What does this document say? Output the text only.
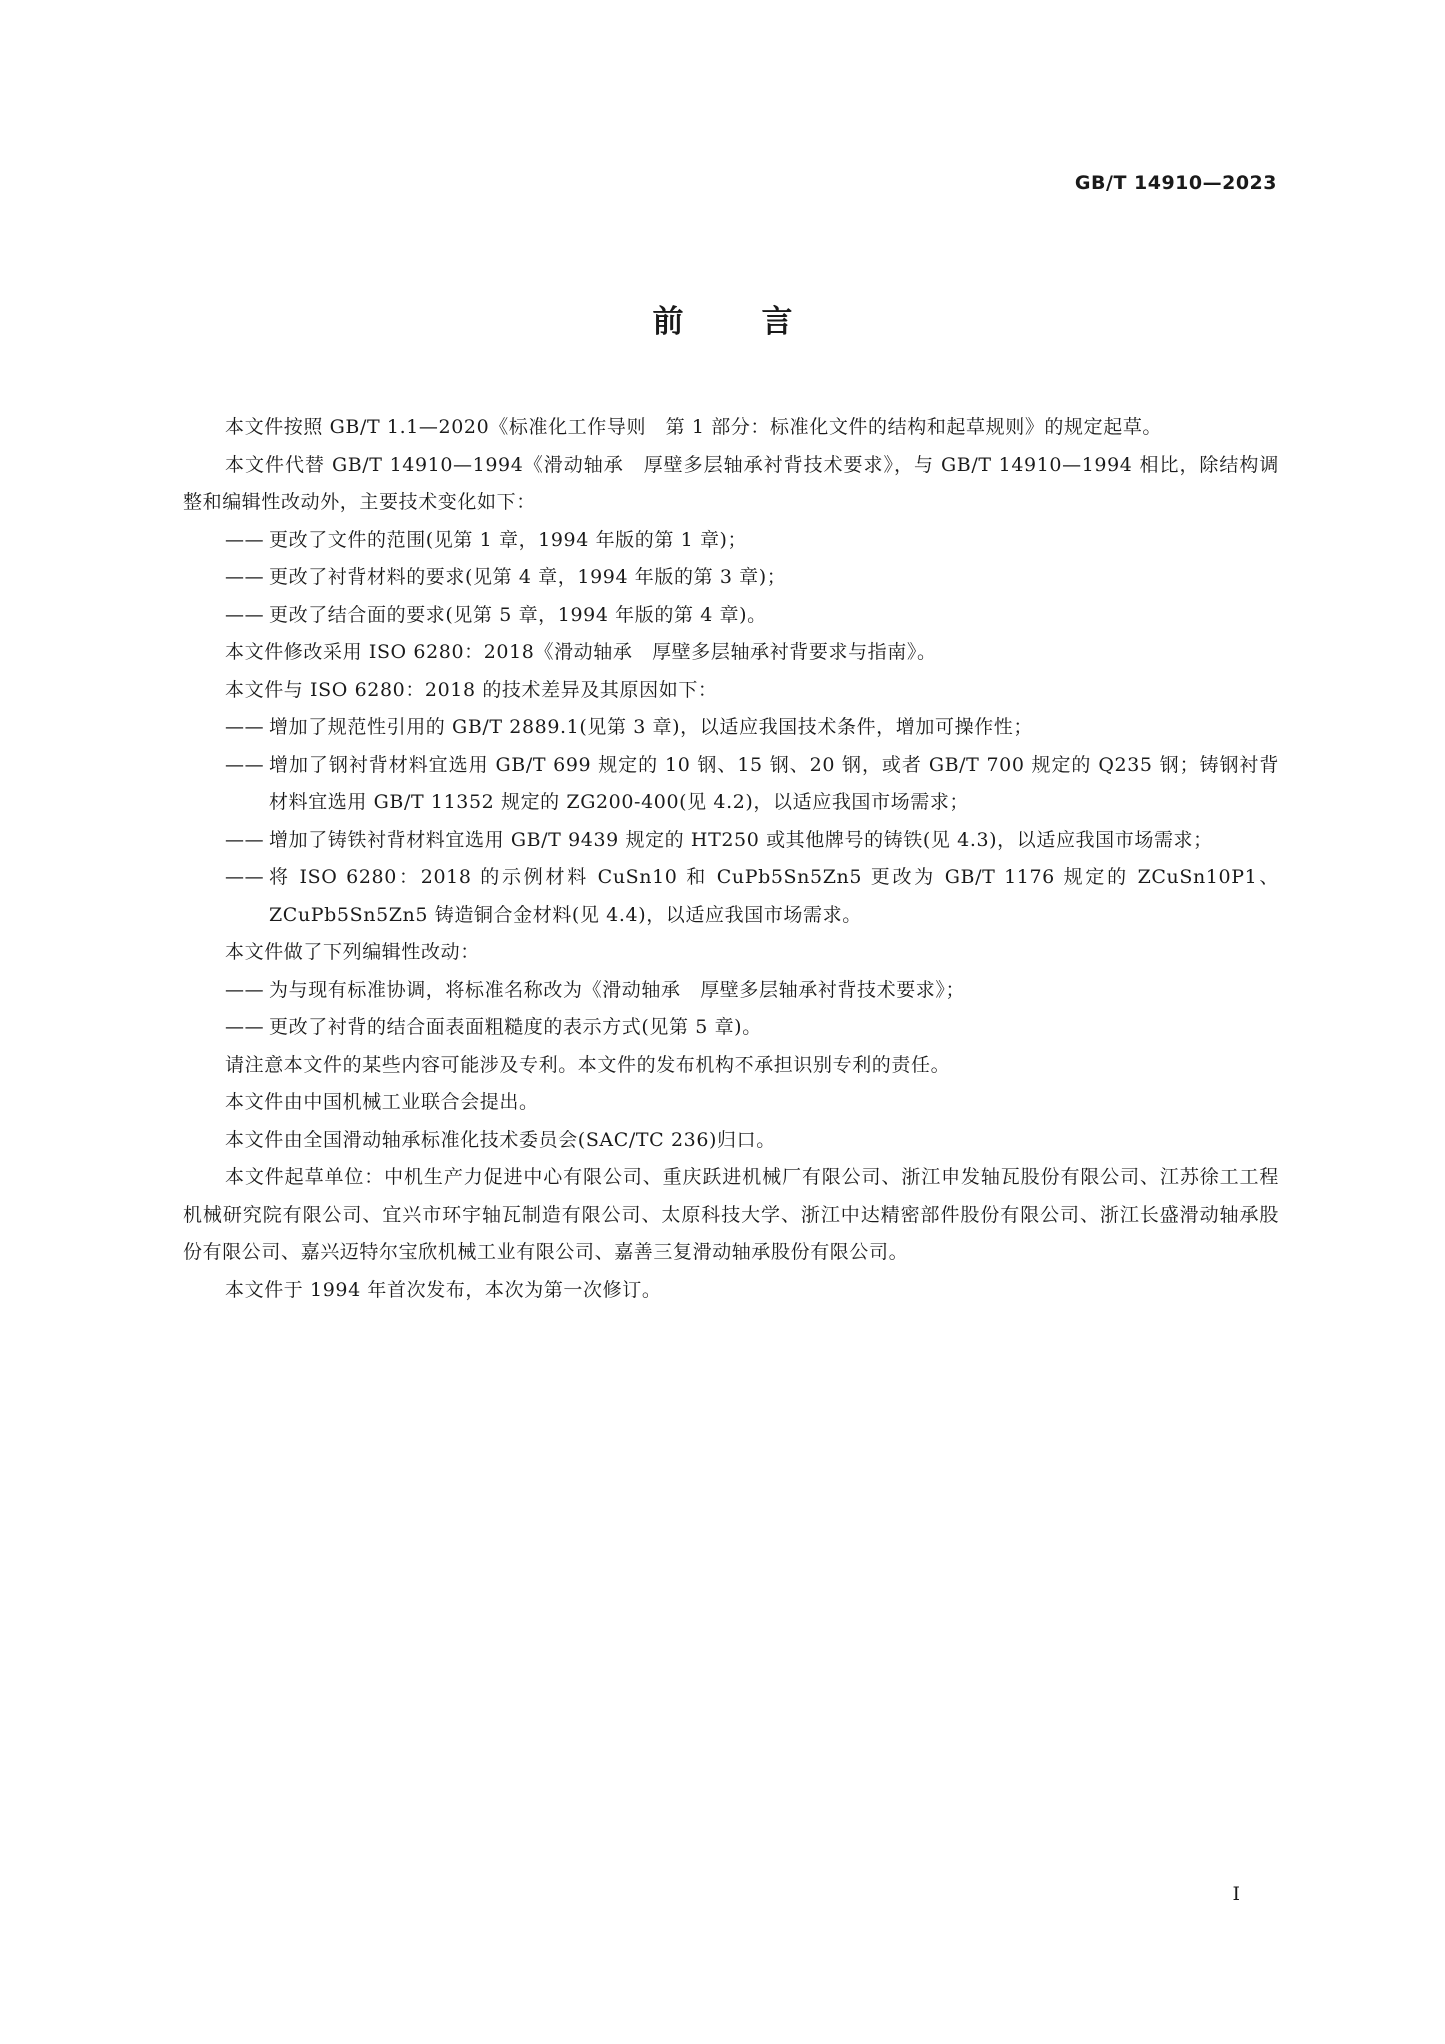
GB/T 14910—2023
前言

本文件按照 GB/T 1.1—2020《标准化工作导则　第 1 部分：标准化文件的结构和起草规则》的规定起草。

本文件代替 GB/T 14910—1994《滑动轴承　厚壁多层轴承衬背技术要求》，与 GB/T 14910—1994 相比，除结构调整和编辑性改动外，主要技术变化如下：

—— 更改了文件的范围(见第 1 章，1994 年版的第 1 章)；

—— 更改了衬背材料的要求(见第 4 章，1994 年版的第 3 章)；

—— 更改了结合面的要求(见第 5 章，1994 年版的第 4 章)。

本文件修改采用 ISO 6280：2018《滑动轴承　厚壁多层轴承衬背要求与指南》。

本文件与 ISO 6280：2018 的技术差异及其原因如下：

—— 增加了规范性引用的 GB/T 2889.1(见第 3 章)，以适应我国技术条件，增加可操作性；

—— 增加了钢衬背材料宜选用 GB/T 699 规定的 10 钢、15 钢、20 钢，或者 GB/T 700 规定的 Q235 钢；铸钢衬背材料宜选用 GB/T 11352 规定的 ZG200-400(见 4.2)，以适应我国市场需求；

—— 增加了铸铁衬背材料宜选用 GB/T 9439 规定的 HT250 或其他牌号的铸铁(见 4.3)，以适应我国市场需求；

—— 将 ISO 6280：2018 的示例材料 CuSn10 和 CuPb5Sn5Zn5 更改为 GB/T 1176 规定的 ZCuSn10P1、ZCuPb5Sn5Zn5 铸造铜合金材料(见 4.4)，以适应我国市场需求。

本文件做了下列编辑性改动：

—— 为与现有标准协调，将标准名称改为《滑动轴承　厚壁多层轴承衬背技术要求》；

—— 更改了衬背的结合面表面粗糙度的表示方式(见第 5 章)。

请注意本文件的某些内容可能涉及专利。本文件的发布机构不承担识别专利的责任。

本文件由中国机械工业联合会提出。

本文件由全国滑动轴承标准化技术委员会(SAC/TC 236)归口。

本文件起草单位：中机生产力促进中心有限公司、重庆跃进机械厂有限公司、浙江申发轴瓦股份有限公司、江苏徐工工程机械研究院有限公司、宜兴市环宇轴瓦制造有限公司、太原科技大学、浙江中达精密部件股份有限公司、浙江长盛滑动轴承股份有限公司、嘉兴迈特尔宝欣机械工业有限公司、嘉善三复滑动轴承股份有限公司。

本文件于 1994 年首次发布，本次为第一次修订。

I
